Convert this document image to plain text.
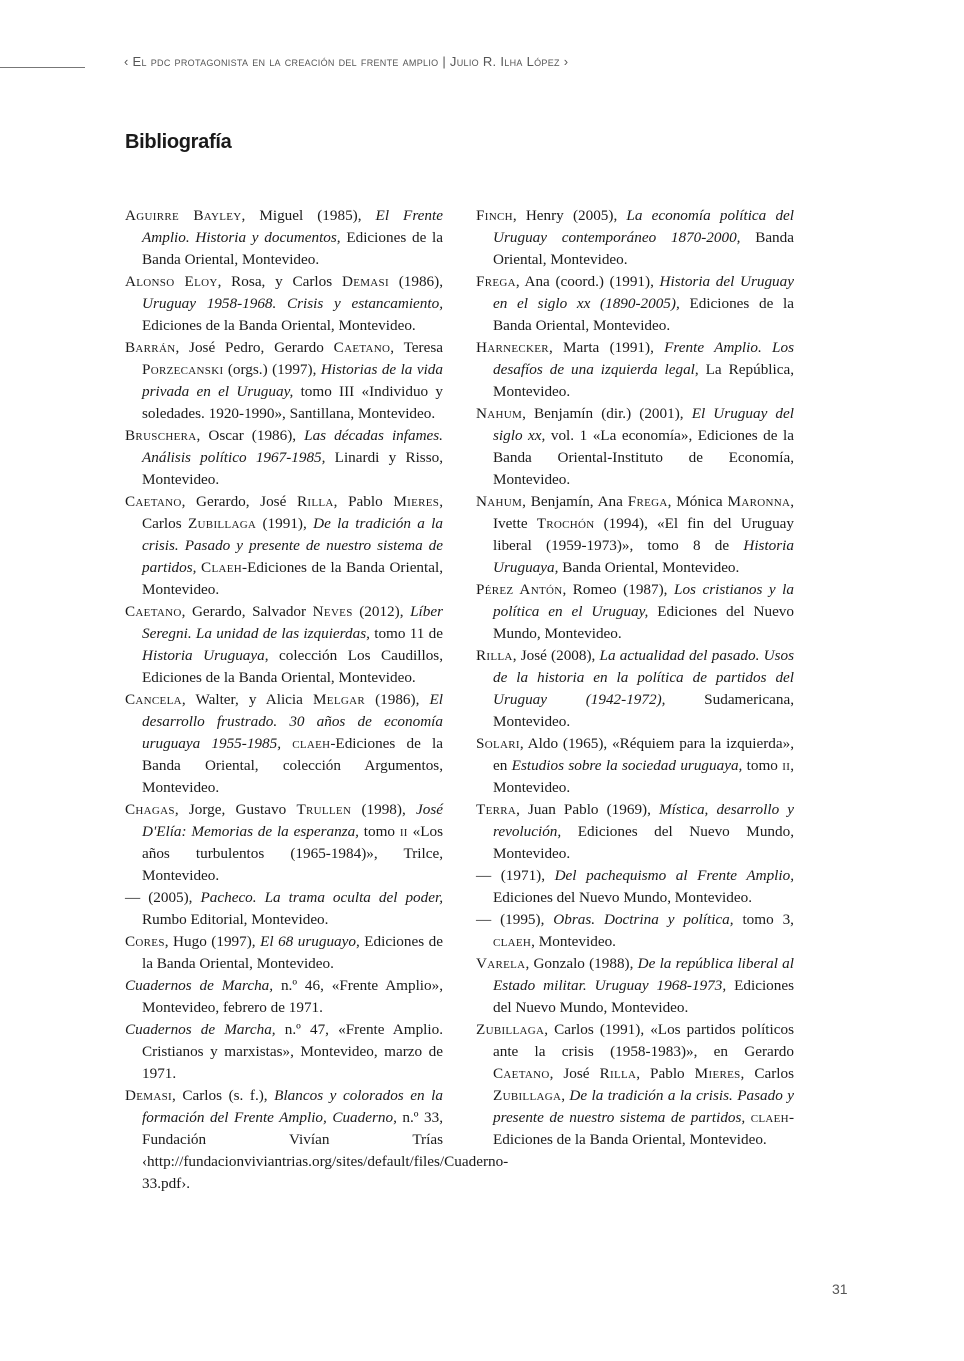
‹ El pdc protagonista en la creación del frente amplio | Julio R. Ilha López ›
Bibliografía

Aguirre Bayley, Miguel (1985), El Frente Amplio. Historia y documentos, Ediciones de la Banda Oriental, Montevideo.

Alonso Eloy, Rosa, y Carlos Demasi (1986), Uruguay 1958-1968. Crisis y estancamiento, Ediciones de la Banda Oriental, Montevideo.

Barrán, José Pedro, Gerardo Caetano, Teresa Porzecanski (orgs.) (1997), Historias de la vida privada en el Uruguay, tomo III «Individuo y soledades. 1920-1990», Santillana, Montevideo.

Bruschera, Oscar (1986), Las décadas infames. Análisis político 1967-1985, Linardi y Risso, Montevideo.

Caetano, Gerardo, José Rilla, Pablo Mieres, Carlos Zubillaga (1991), De la tradición a la crisis. Pasado y presente de nuestro sistema de partidos, Claeh-Ediciones de la Banda Oriental, Montevideo.

Caetano, Gerardo, Salvador Neves (2012), Líber Seregni. La unidad de las izquierdas, tomo 11 de Historia Uruguaya, colección Los Caudillos, Ediciones de la Banda Oriental, Montevideo.

Cancela, Walter, y Alicia Melgar (1986), El desarrollo frustrado. 30 años de economía uruguaya 1955-1985, claeh-Ediciones de la Banda Oriental, colección Argumentos, Montevideo.

Chagas, Jorge, Gustavo Trullen (1998), José D'Elía: Memorias de la esperanza, tomo ii «Los años turbulentos (1965-1984)», Trilce, Montevideo.

— (2005), Pacheco. La trama oculta del poder, Rumbo Editorial, Montevideo.

Cores, Hugo (1997), El 68 uruguayo, Ediciones de la Banda Oriental, Montevideo.

Cuadernos de Marcha, n.º 46, «Frente Amplio», Montevideo, febrero de 1971.

Cuadernos de Marcha, n.º 47, «Frente Amplio. Cristianos y marxistas», Montevideo, marzo de 1971.

Demasi, Carlos (s. f.), Blancos y colorados en la formación del Frente Amplio, Cuaderno, n.º 33, Fundación Vivían Trías ‹http://fundacionviviantrias.org/sites/default/files/Cuaderno-33.pdf›.

Finch, Henry (2005), La economía política del Uruguay contemporáneo 1870-2000, Banda Oriental, Montevideo.

Frega, Ana (coord.) (1991), Historia del Uruguay en el siglo xx (1890-2005), Ediciones de la Banda Oriental, Montevideo.

Harnecker, Marta (1991), Frente Amplio. Los desafíos de una izquierda legal, La República, Montevideo.

Nahum, Benjamín (dir.) (2001), El Uruguay del siglo xx, vol. 1 «La economía», Ediciones de la Banda Oriental-Instituto de Economía, Montevideo.

Nahum, Benjamín, Ana Frega, Mónica Maronna, Ivette Trochón (1994), «El fin del Uruguay liberal (1959-1973)», tomo 8 de Historia Uruguaya, Banda Oriental, Montevideo.

Pérez Antón, Romeo (1987), Los cristianos y la política en el Uruguay, Ediciones del Nuevo Mundo, Montevideo.

Rilla, José (2008), La actualidad del pasado. Usos de la historia en la política de partidos del Uruguay (1942-1972), Sudamericana, Montevideo.

Solari, Aldo (1965), «Réquiem para la izquierda», en Estudios sobre la sociedad uruguaya, tomo ii, Montevideo.

Terra, Juan Pablo (1969), Mística, desarrollo y revolución, Ediciones del Nuevo Mundo, Montevideo.

— (1971), Del pachequismo al Frente Amplio, Ediciones del Nuevo Mundo, Montevideo.

— (1995), Obras. Doctrina y política, tomo 3, claeh, Montevideo.

Varela, Gonzalo (1988), De la república liberal al Estado militar. Uruguay 1968-1973, Ediciones del Nuevo Mundo, Montevideo.

Zubillaga, Carlos (1991), «Los partidos políticos ante la crisis (1958-1983)», en Gerardo Caetano, José Rilla, Pablo Mieres, Carlos Zubillaga, De la tradición a la crisis. Pasado y presente de nuestro sistema de partidos, claeh-Ediciones de la Banda Oriental, Montevideo.

31
